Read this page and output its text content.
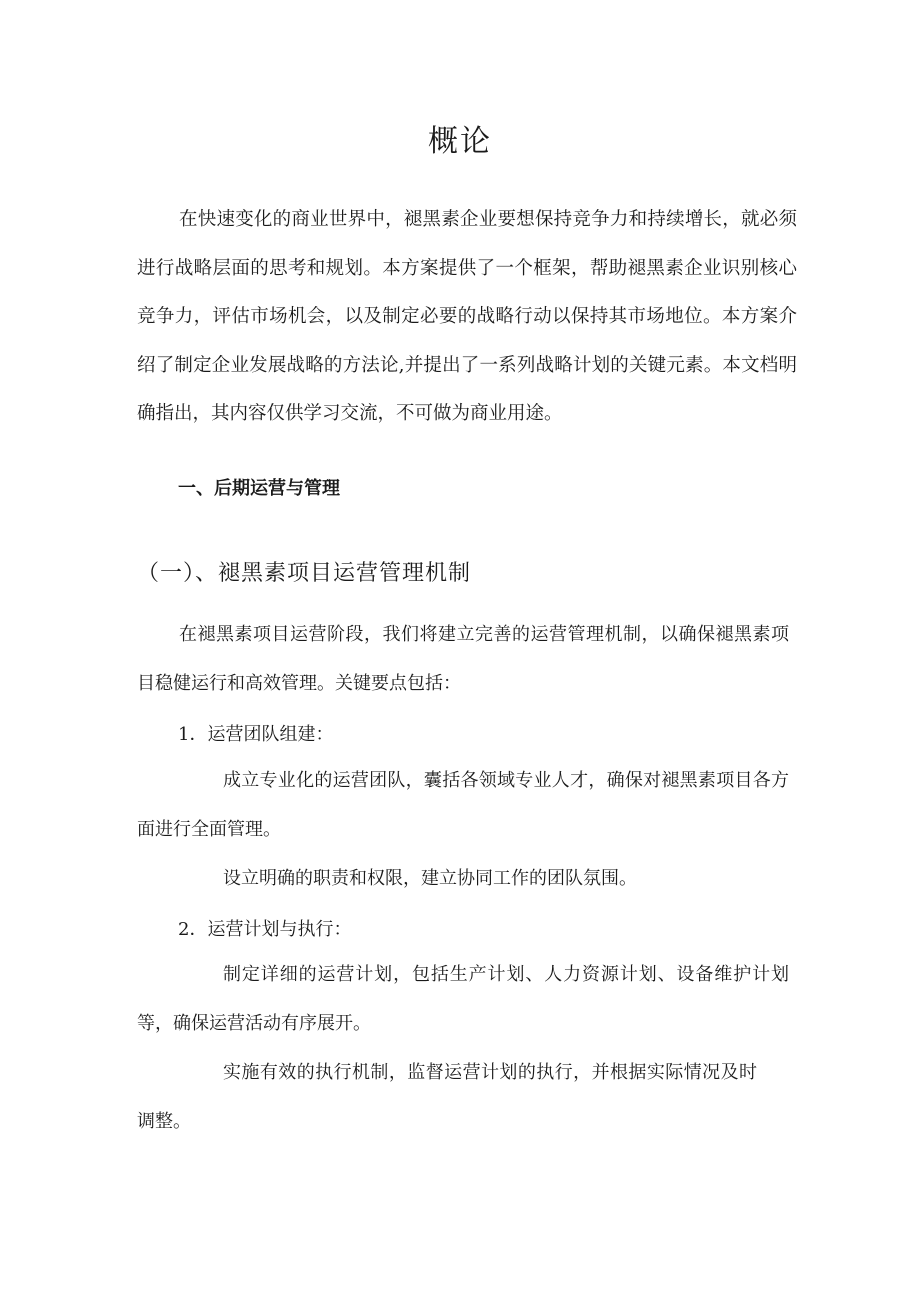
概论

在快速变化的商业世界中，褪黑素企业要想保持竞争力和持续增长，就必须进行战略层面的思考和规划。本方案提供了一个框架，帮助褪黑素企业识别核心竞争力，评估市场机会，以及制定必要的战略行动以保持其市场地位。本方案介绍了制定企业发展战略的方法论,并提出了一系列战略计划的关键元素。本文档明确指出，其内容仅供学习交流，不可做为商业用途。

一、后期运营与管理
（一）、褪黑素项目运营管理机制

在褪黑素项目运营阶段，我们将建立完善的运营管理机制，以确保褪黑素项目稳健运行和高效管理。关键要点包括：

1．运营团队组建：

成立专业化的运营团队，囊括各领域专业人才，确保对褪黑素项目各方面进行全面管理。

设立明确的职责和权限，建立协同工作的团队氛围。

2．运营计划与执行：

制定详细的运营计划，包括生产计划、人力资源计划、设备维护计划等，确保运营活动有序展开。

实施有效的执行机制，监督运营计划的执行，并根据实际情况及时调整。
